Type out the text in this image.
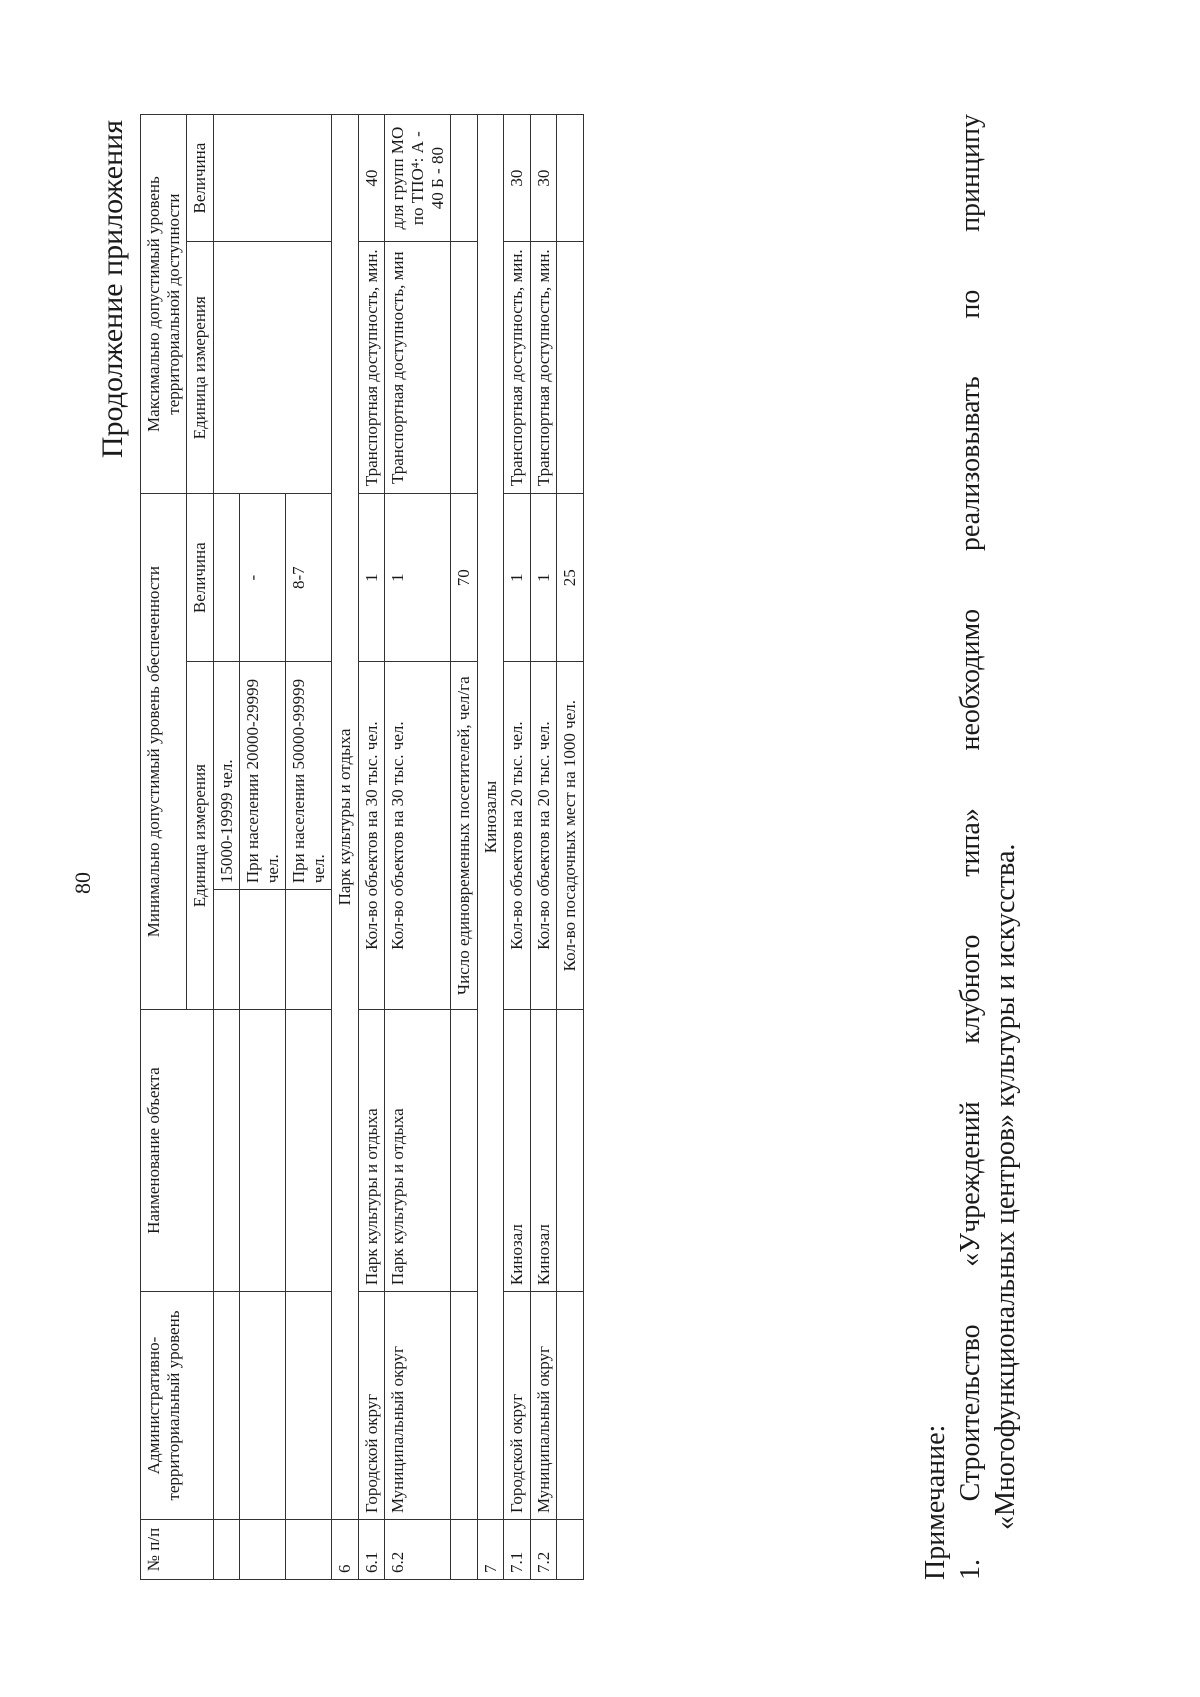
80
Продолжение приложения
№ п/п	Административно-территориальный уровень	Наименование объекта	Минимально допустимый уровень обеспеченности			Максимально допустимый уровень территориальной доступности	
			Единица измерения		Величина	Единица измерения	Величина
				15000-19999 чел.			
				При населении 20000-29999 чел.	-		
				При населении 50000-99999 чел.	8-7		
6	Парк культуры и отдыха						
6.1	Городской округ	Парк культуры и отдыха	Кол-во объектов на 30 тыс. чел.		1	Транспортная доступность, мин.	40
6.2	Муниципальный округ	Парк культуры и отдыха	Кол-во объектов на 30 тыс. чел.		1	Транспортная доступность, мин	для групп МО по ТПО⁴: А - 40 Б - 80
			Число единовременных посетителей, чел/га		70		
7	Кинозалы						
7.1	Городской округ	Кинозал	Кол-во объектов на 20 тыс. чел.		1	Транспортная доступность, мин.	30
7.2	Муниципальный округ	Кинозал	Кол-во объектов на 20 тыс. чел.		1	Транспортная доступность, мин.	30
			Кол-во посадочных мест на 1000 чел.		25		
Примечание: 1.
Строительство
«Учреждений
клубного
типа»
необходимо
реализовывать
по
принципу
«Многофункциональных центров» культуры и искусства.
